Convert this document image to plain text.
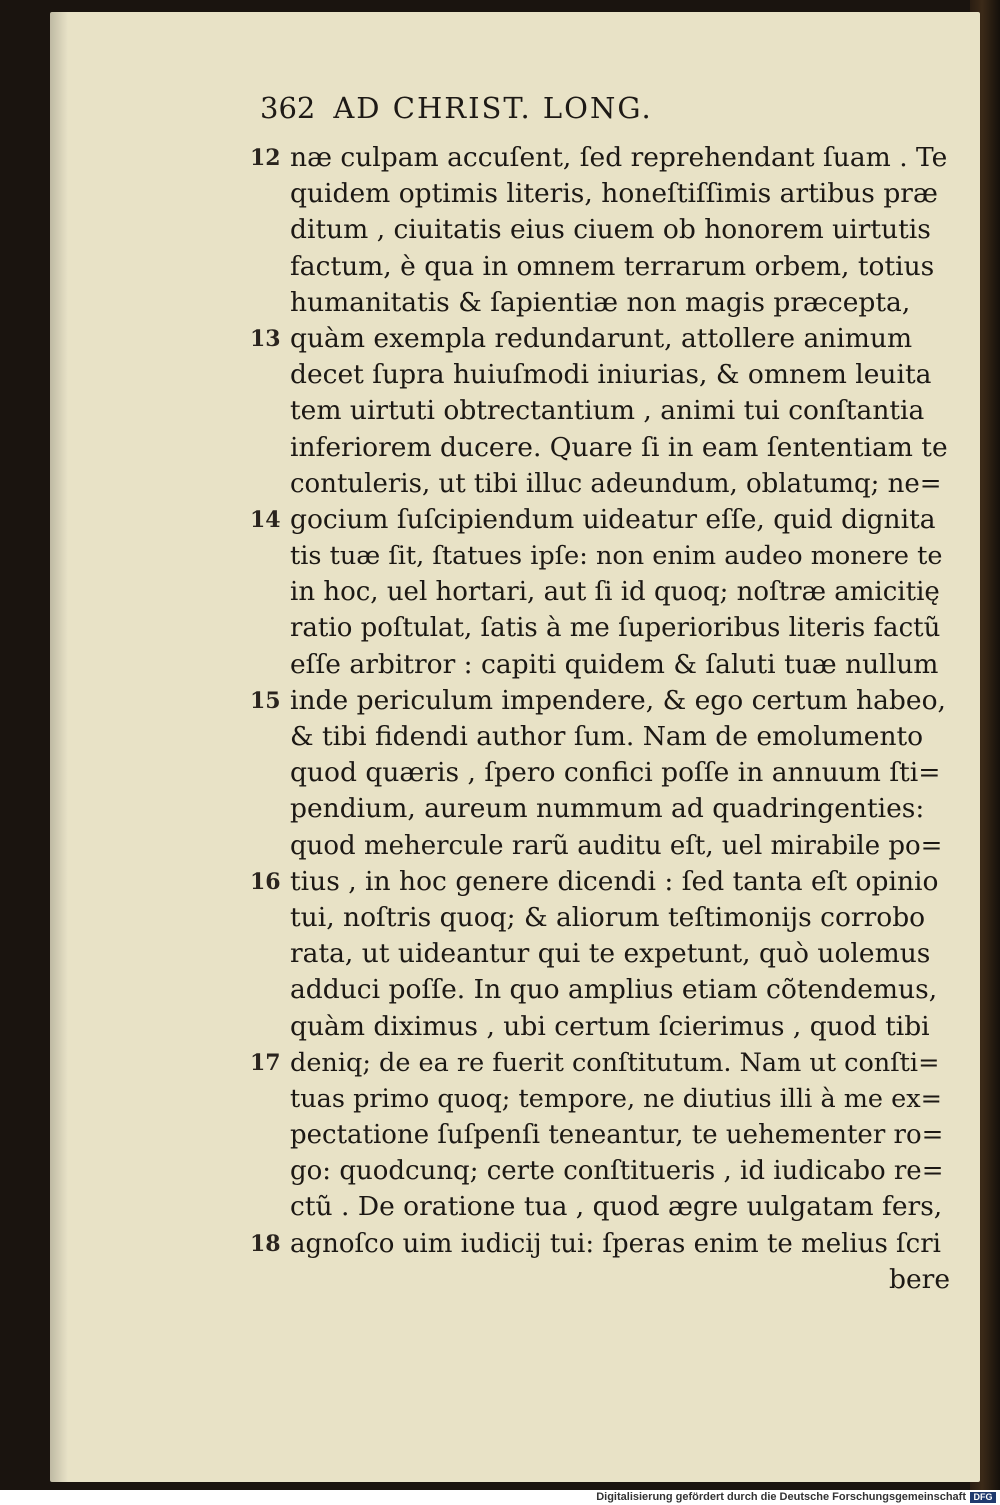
362 AD CHRIST. LONG.
12 næ culpam accuſent, ſed reprehendant ſuam . Te
quidem optimis literis, honeſtiſſimis artibus præ
ditum , ciuitatis eius ciuem ob honorem uirtutis
factum, è qua in omnem terrarum orbem, totius
humanitatis & ſapientiæ non magis præcepta,
13 quàm exempla redundarunt, attollere animum
decet ſupra huiuſmodi iniurias, & omnem leuita
tem uirtuti obtrectantium , animi tui conſtantia
inferiorem ducere. Quare ſi in eam ſententiam te
contuleris, ut tibi illuc adeundum, oblatumq; ne=
14 gocium ſuſcipiendum uideatur eſſe, quid dignita
tis tuæ ſit, ſtatues ipſe: non enim audeo monere te
in hoc, uel hortari, aut ſi id quoq; noſtræ amicitię
ratio poſtulat, ſatis à me ſuperioribus literis factũ
eſſe arbitror : capiti quidem & ſaluti tuæ nullum
15 inde periculum impendere, & ego certum habeo,
& tibi fidendi author ſum. Nam de emolumento
quod quæris , ſpero confici poſſe in annuum ſti=
pendium, aureum nummum ad quadringenties:
quod mehercule rarũ auditu eſt, uel mirabile po=
16 tius , in hoc genere dicendi : ſed tanta eſt opinio
tui, noſtris quoq; & aliorum teſtimonijs corrobo
rata, ut uideantur qui te expetunt, quò uolemus
adduci poſſe. In quo amplius etiam cõtendemus,
quàm diximus , ubi certum ſcierimus , quod tibi
17 deniq; de ea re fuerit conſtitutum. Nam ut conſti=
tuas primo quoq; tempore, ne diutius illi à me ex=
pectatione ſuſpenſi teneantur, te uehementer ro=
go: quodcunq; certe conſtitueris , id iudicabo re=
ctũ . De oratione tua , quod ægre uulgatam fers,
18 agnoſco uim iudicij tui: ſperas enim te melius ſcri
bere
Digitalisierung gefördert durch die Deutsche Forschungsgemeinschaft DFG
